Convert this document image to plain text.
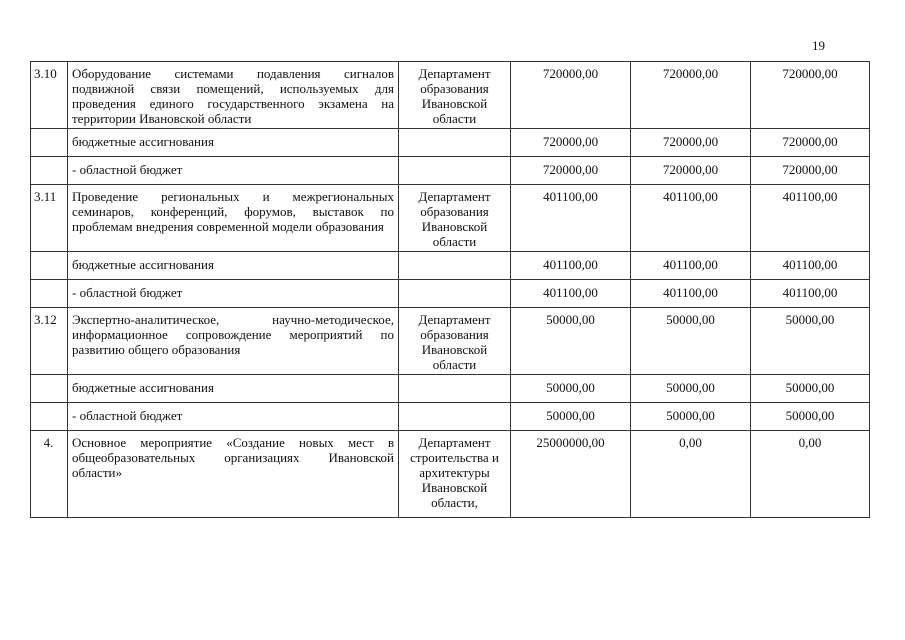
19
3.10	Оборудование системами подавления сигналов подвижной связи помещений, используемых для проведения единого государственного экзамена на территории Ивановской области	Департамент образования Ивановской области	720000,00	720000,00	720000,00
	бюджетные ассигнования		720000,00	720000,00	720000,00
	- областной бюджет		720000,00	720000,00	720000,00
3.11	Проведение региональных и межрегиональных семинаров, конференций, форумов, выставок по проблемам внедрения современной модели образования	Департамент образования Ивановской области	401100,00	401100,00	401100,00
	бюджетные ассигнования		401100,00	401100,00	401100,00
	- областной бюджет		401100,00	401100,00	401100,00
3.12	Экспертно-аналитическое, научно-методическое, информационное сопровождение мероприятий по развитию общего образования	Департамент образования Ивановской области	50000,00	50000,00	50000,00
	бюджетные ассигнования		50000,00	50000,00	50000,00
	- областной бюджет		50000,00	50000,00	50000,00
4.	Основное мероприятие «Создание новых мест в общеобразовательных организациях Ивановской области»	Департамент строительства и архитектуры Ивановской области,	25000000,00	0,00	0,00
